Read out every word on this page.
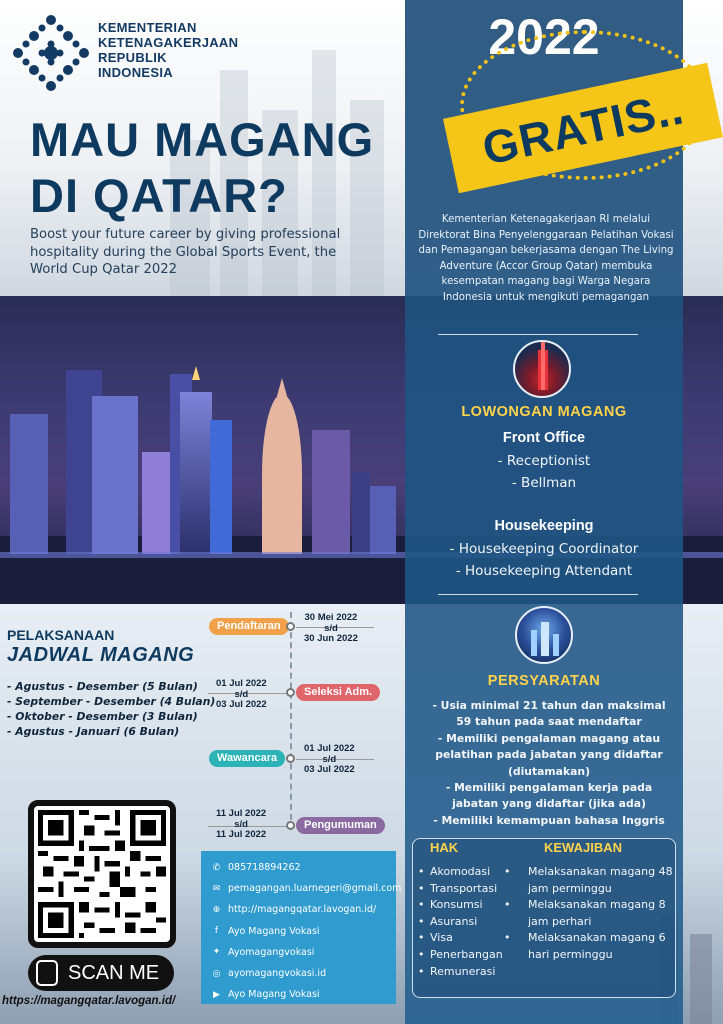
KEMENTERIAN
KETENAGAKERJAAN
REPUBLIK
INDONESIA
MAU MAGANG
DI QATAR?
Boost your future career by giving professional hospitality during the Global Sports Event, the World Cup Qatar 2022
2022
GRATIS..
Kementerian Ketenagakerjaan RI melalui Direktorat Bina Penyelenggaraan Pelatihan Vokasi dan Pemagangan bekerjasama dengan The Living Adventure (Accor Group Qatar) membuka kesempatan magang bagi Warga Negara Indonesia untuk mengikuti pemagangan
LOWONGAN MAGANG
Front Office
- Receptionist
- Bellman
Housekeeping
- Housekeeping Coordinator
- Housekeeping Attendant
PERSYARATAN
- Usia minimal 21 tahun dan maksimal
59 tahun pada saat mendaftar
- Memiliki pengalaman magang atau
pelatihan pada jabatan yang didaftar
(diutamakan)
- Memiliki pengalaman kerja pada
jabatan yang didaftar (jika ada)
- Memiliki kemampuan bahasa Inggris
HAK	KEWAJIBAN
• Akomodasi
• Transportasi
• Konsumsi
• Asuransi
• Visa
• Penerbangan
• Remunerasi
• Melaksanakan magang 48 jam perminggu
• Melaksanakan magang 8 jam perhari
• Melaksanakan magang 6 hari perminggu
PELAKSANAAN
JADWAL MAGANG
- Agustus - Desember (5 Bulan)
- September - Desember (4 Bulan)
- Oktober - Desember (3 Bulan)
- Agustus - Januari (6 Bulan)
Pendaftaran
30 Mei 2022
s/d
30 Jun 2022
Seleksi Adm.
01 Jul 2022
s/d
03 Jul 2022
Wawancara
01 Jul 2022
s/d
03 Jul 2022
Pengumuman
11 Jul 2022
s/d
11 Jul 2022
SCAN ME
https://magangqatar.lavogan.id/
✆ 085718894262
✉ pemagangan.luarnegeri@gmail.com
⊕ http://magangqatar.lavogan.id/
f	Ayo Magang Vokasi
✦ Ayomagangvokasi
◎ ayomagangvokasi.id
▶ Ayo Magang Vokasi
